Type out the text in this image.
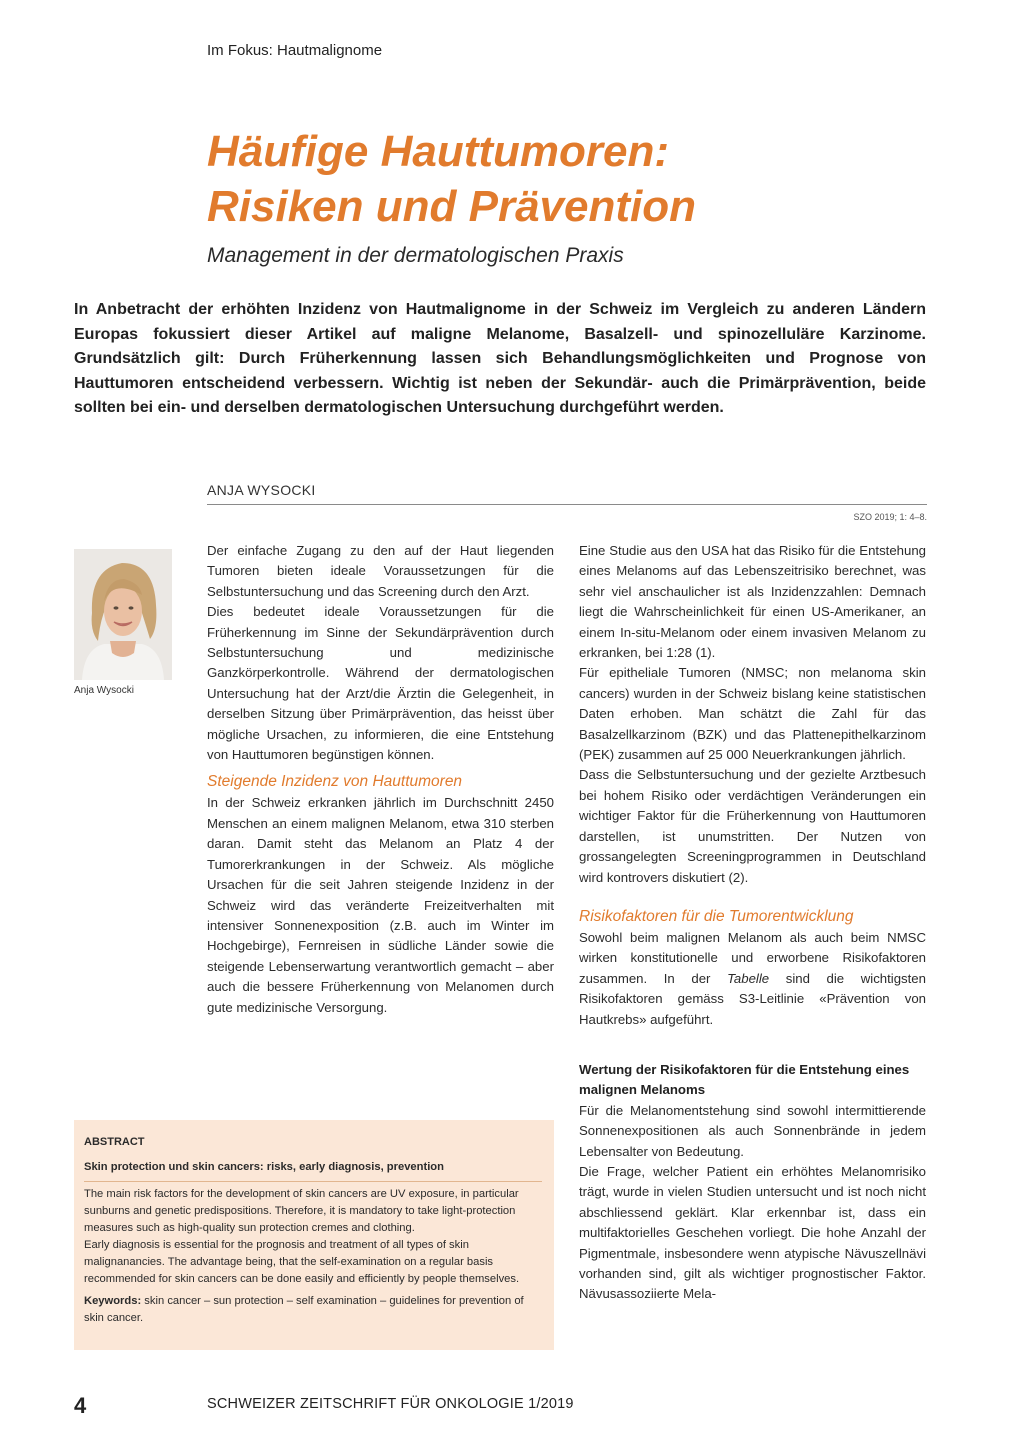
Im Fokus: Hautmalignome
Häufige Hauttumoren:
Risiken und Prävention
Management in der dermatologischen Praxis

In Anbetracht der erhöhten Inzidenz von Hautmalignome in der Schweiz im Vergleich zu anderen Ländern Europas fokussiert dieser Artikel auf maligne Melanome, Basalzell- und spinozelluläre Karzinome. Grundsätzlich gilt: Durch Früherkennung lassen sich Behandlungsmöglichkeiten und Prognose von Hauttumoren entscheidend verbessern. Wichtig ist neben der Sekundär- auch die Primärprävention, beide sollten bei ein- und derselben dermatologischen Untersuchung durchgeführt werden.

ANJA WYSOCKI
SZO 2019; 1: 4–8.
Anja Wysocki

Der einfache Zugang zu den auf der Haut liegenden Tumoren bieten ideale Voraussetzungen für die Selbstuntersuchung und das Screening durch den Arzt.

Dies bedeutet ideale Voraussetzungen für die Früherkennung im Sinne der Sekundärprävention durch Selbstuntersuchung und medizinische Ganzkörperkontrolle. Während der dermatologischen Untersuchung hat der Arzt/die Ärztin die Gelegenheit, in derselben Sitzung über Primärprävention, das heisst über mögliche Ursachen, zu informieren, die eine Entstehung von Hauttumoren begünstigen können.

Steigende Inzidenz von Hauttumoren

In der Schweiz erkranken jährlich im Durchschnitt 2450 Menschen an einem malignen Melanom, etwa 310 sterben daran. Damit steht das Melanom an Platz 4 der Tumorerkrankungen in der Schweiz. Als mögliche Ursachen für die seit Jahren steigende Inzidenz in der Schweiz wird das veränderte Freizeitverhalten mit intensiver Sonnenexposition (z.B. auch im Winter im Hochgebirge), Fernreisen in südliche Länder sowie die steigende Lebenserwartung verantwortlich gemacht – aber auch die bessere Früherkennung von Melanomen durch gute medizinische Versorgung.

Eine Studie aus den USA hat das Risiko für die Entstehung eines Melanoms auf das Lebenszeitrisiko berechnet, was sehr viel anschaulicher ist als Inzidenzzahlen: Demnach liegt die Wahrscheinlichkeit für einen US-Amerikaner, an einem In-situ-Melanom oder einem invasiven Melanom zu erkranken, bei 1:28 (1).

Für epitheliale Tumoren (NMSC; non melanoma skin cancers) wurden in der Schweiz bislang keine statistischen Daten erhoben. Man schätzt die Zahl für das Basalzellkarzinom (BZK) und das Plattenepithelkarzinom (PEK) zusammen auf 25 000 Neuerkrankungen jährlich.

Dass die Selbstuntersuchung und der gezielte Arztbesuch bei hohem Risiko oder verdächtigen Veränderungen ein wichtiger Faktor für die Früherkennung von Hauttumoren darstellen, ist unumstritten. Der Nutzen von grossangelegten Screeningprogrammen in Deutschland wird kontrovers diskutiert (2).

Risikofaktoren für die Tumorentwicklung

Sowohl beim malignen Melanom als auch beim NMSC wirken konstitutionelle und erworbene Risikofaktoren zusammen. In der Tabelle sind die wichtigsten Risikofaktoren gemäss S3-Leitlinie «Prävention von Hautkrebs» aufgeführt.

Wertung der Risikofaktoren für die Entstehung eines malignen Melanoms

Für die Melanomentstehung sind sowohl intermittierende Sonnenexpositionen als auch Sonnenbrände in jedem Lebensalter von Bedeutung.

Die Frage, welcher Patient ein erhöhtes Melanomrisiko trägt, wurde in vielen Studien untersucht und ist noch nicht abschliessend geklärt. Klar erkennbar ist, dass ein multifaktorielles Geschehen vorliegt. Die hohe Anzahl der Pigmentmale, insbesondere wenn atypische Nävuszellnävi vorhanden sind, gilt als wichtiger prognostischer Faktor. Nävusassoziierte Mela-

ABSTRACT
Skin protection und skin cancers: risks, early diagnosis, prevention

The main risk factors for the development of skin cancers are UV exposure, in particular sunburns and genetic predispositions. Therefore, it is mandatory to take light-protection measures such as high-quality sun protection cremes and clothing.

Early diagnosis is essential for the prognosis and treatment of all types of skin malignanancies. The advantage being, that the self-examination on a regular basis recommended for skin cancers can be done easily and efficiently by people themselves.

Keywords: skin cancer – sun protection – self examination – guidelines for prevention of skin cancer.

4	SCHWEIZER ZEITSCHRIFT FÜR ONKOLOGIE 1/2019
